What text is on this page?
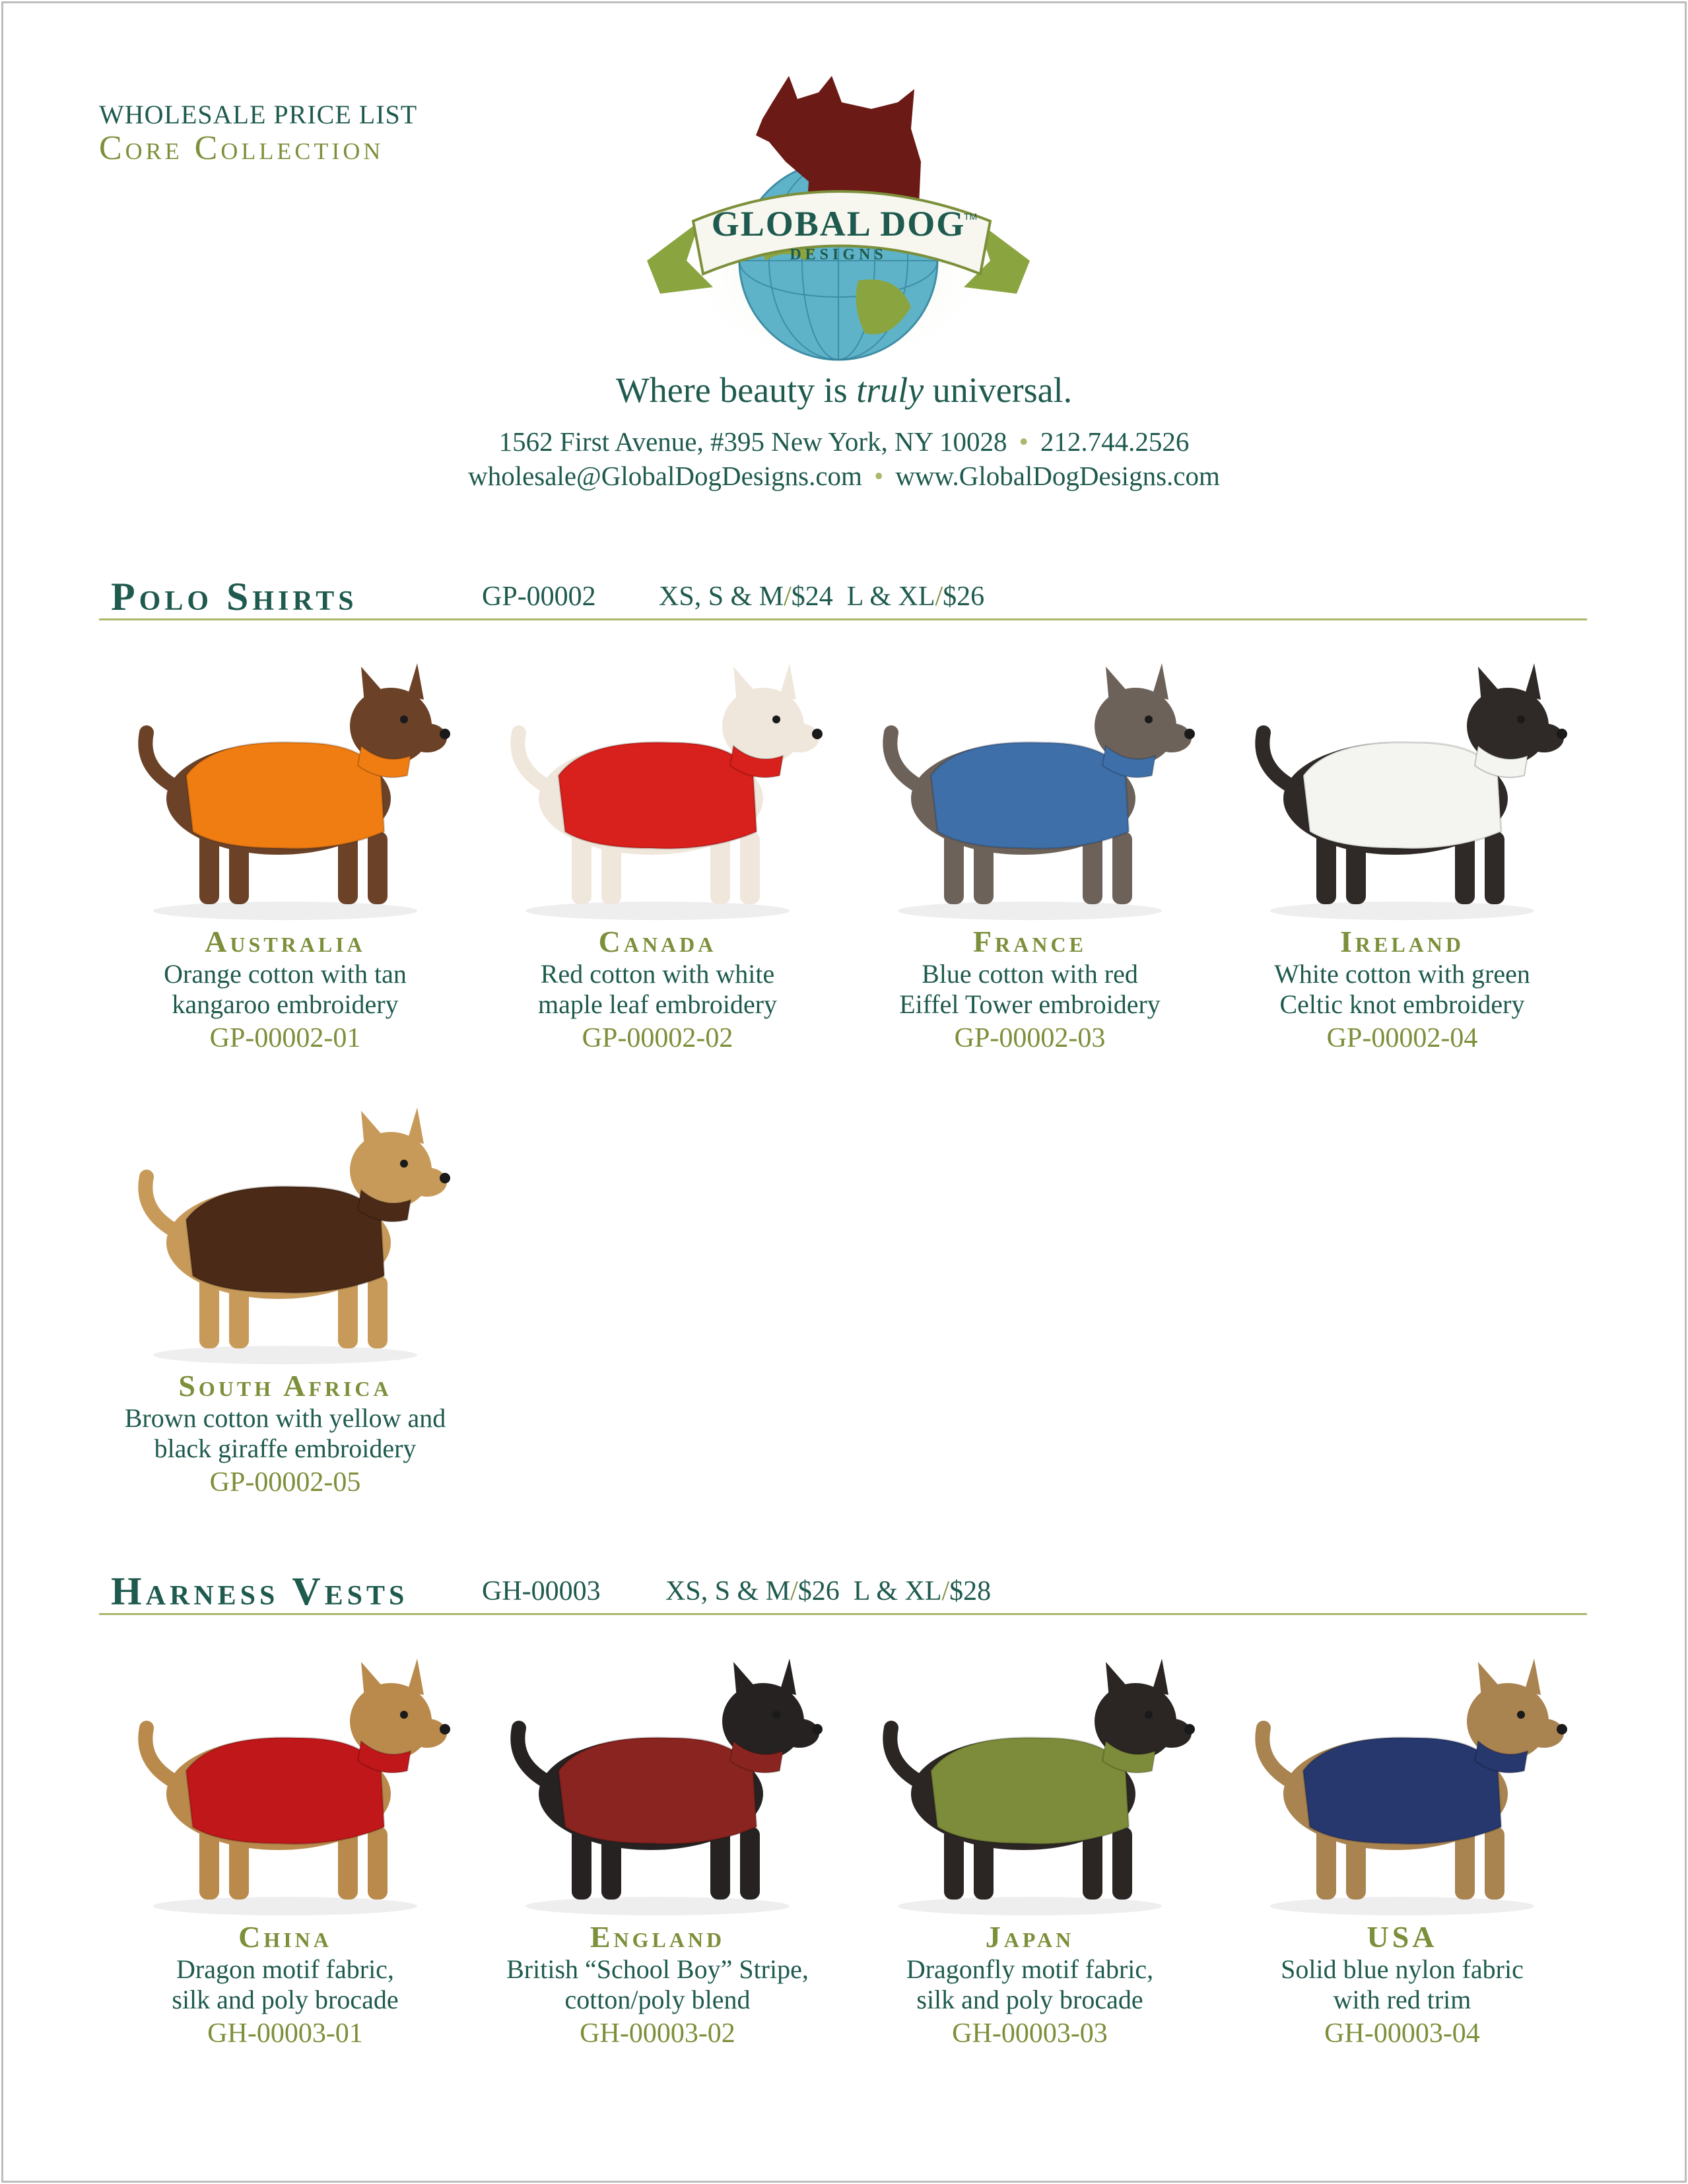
WHOLESALE PRICE LIST
Core Collection
GLOBAL DOG
DESIGNS
TM
Where beauty is truly universal.
1562 First Avenue, #395 New York, NY 10028 • 212.744.2526
wholesale@GlobalDogDesigns.com • www.GlobalDogDesigns.com
Polo Shirts	GP-00002 XS, S & M/$24 L & XL/$26
Australia
Orange cotton with tan
kangaroo embroidery
GP-00002-01
Canada
Red cotton with white
maple leaf embroidery
GP-00002-02
France
Blue cotton with red
Eiffel Tower embroidery
GP-00002-03
Ireland
White cotton with green
Celtic knot embroidery
GP-00002-04
South Africa
Brown cotton with yellow and
black giraffe embroidery
GP-00002-05
Harness Vests	GH-00003 XS, S & M/$26 L & XL/$28
China
Dragon motif fabric,
silk and poly brocade
GH-00003-01
England
British “School Boy” Stripe,
cotton/poly blend
GH-00003-02
Japan
Dragonfly motif fabric,
silk and poly brocade
GH-00003-03
USA
Solid blue nylon fabric
with red trim
GH-00003-04
